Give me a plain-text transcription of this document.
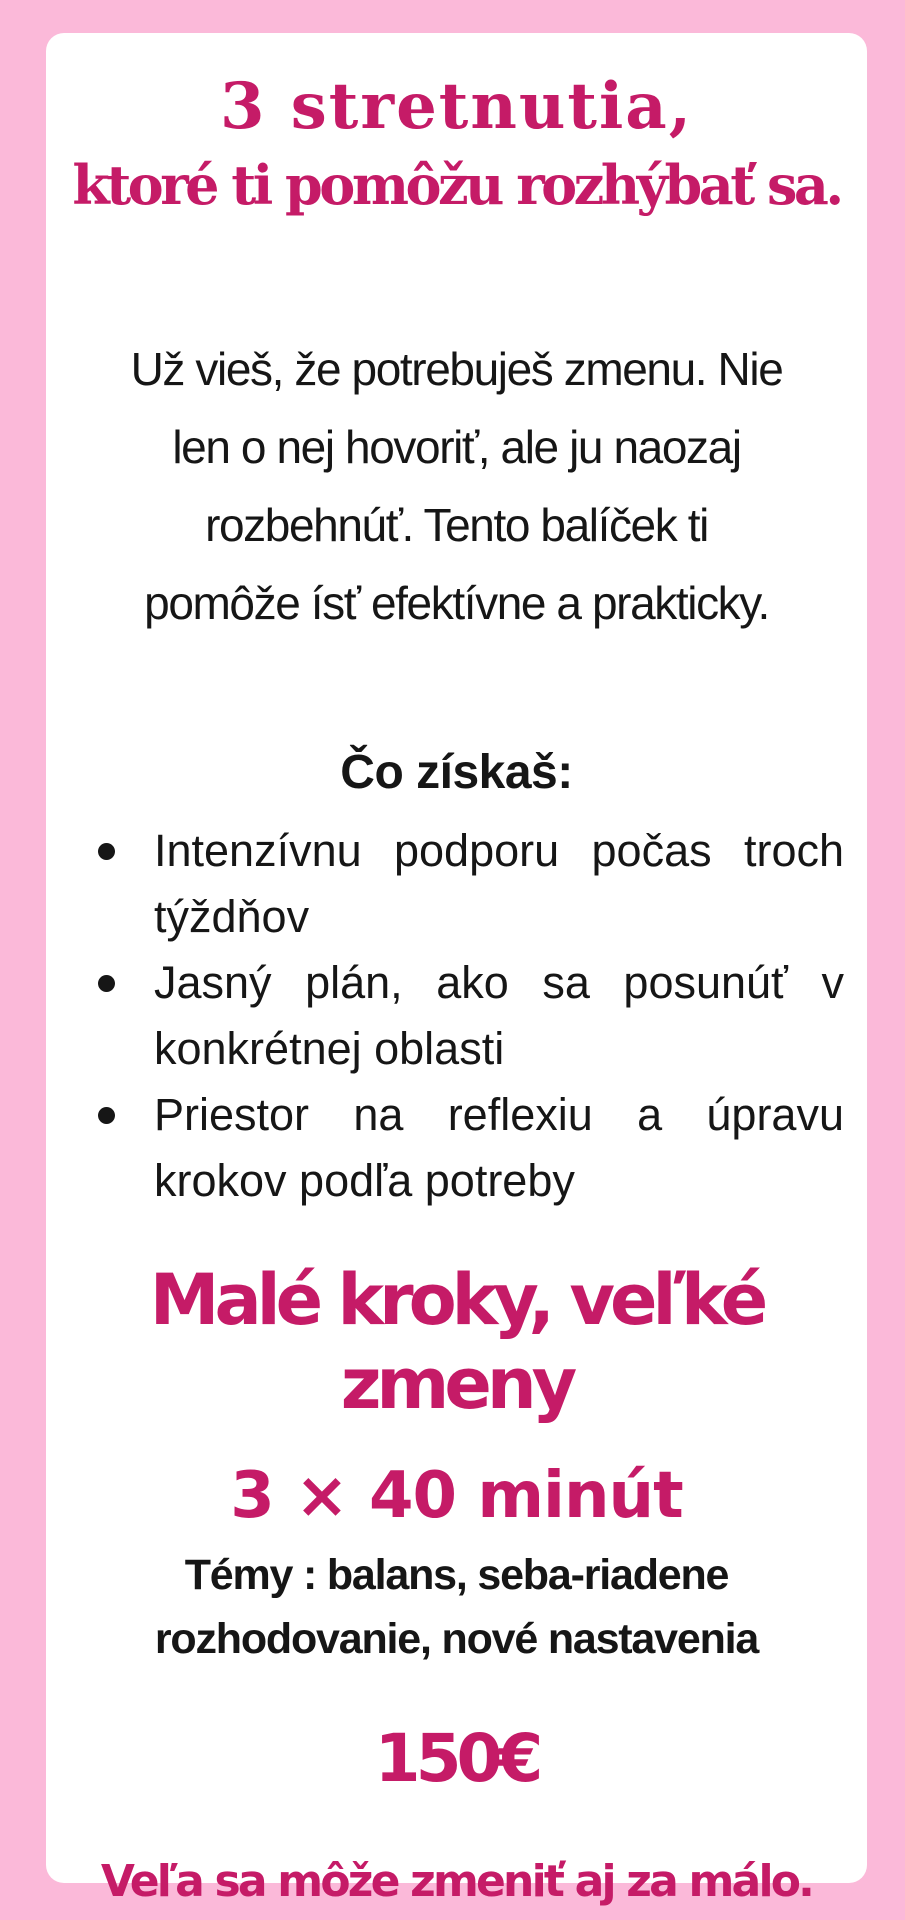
3 stretnutia,
ktoré ti pomôžu rozhýbať sa.

Už vieš, že potrebuješ zmenu. Nie
len o nej hovoriť, ale ju naozaj
rozbehnúť. Tento balíček ti
pomôže ísť efektívne a prakticky.

Čo získaš:
Intenzívnu podporu počas troch týždňov
Jasný plán, ako sa posunúť v konkrétnej oblasti
Priestor na reflexiu a úpravu krokov podľa potreby

Malé kroky, veľké
zmeny

3 × 40 minút

Témy : balans, seba-riadene
rozhodovanie, nové nastavenia

150€
Veľa sa môže zmeniť aj za málo.
